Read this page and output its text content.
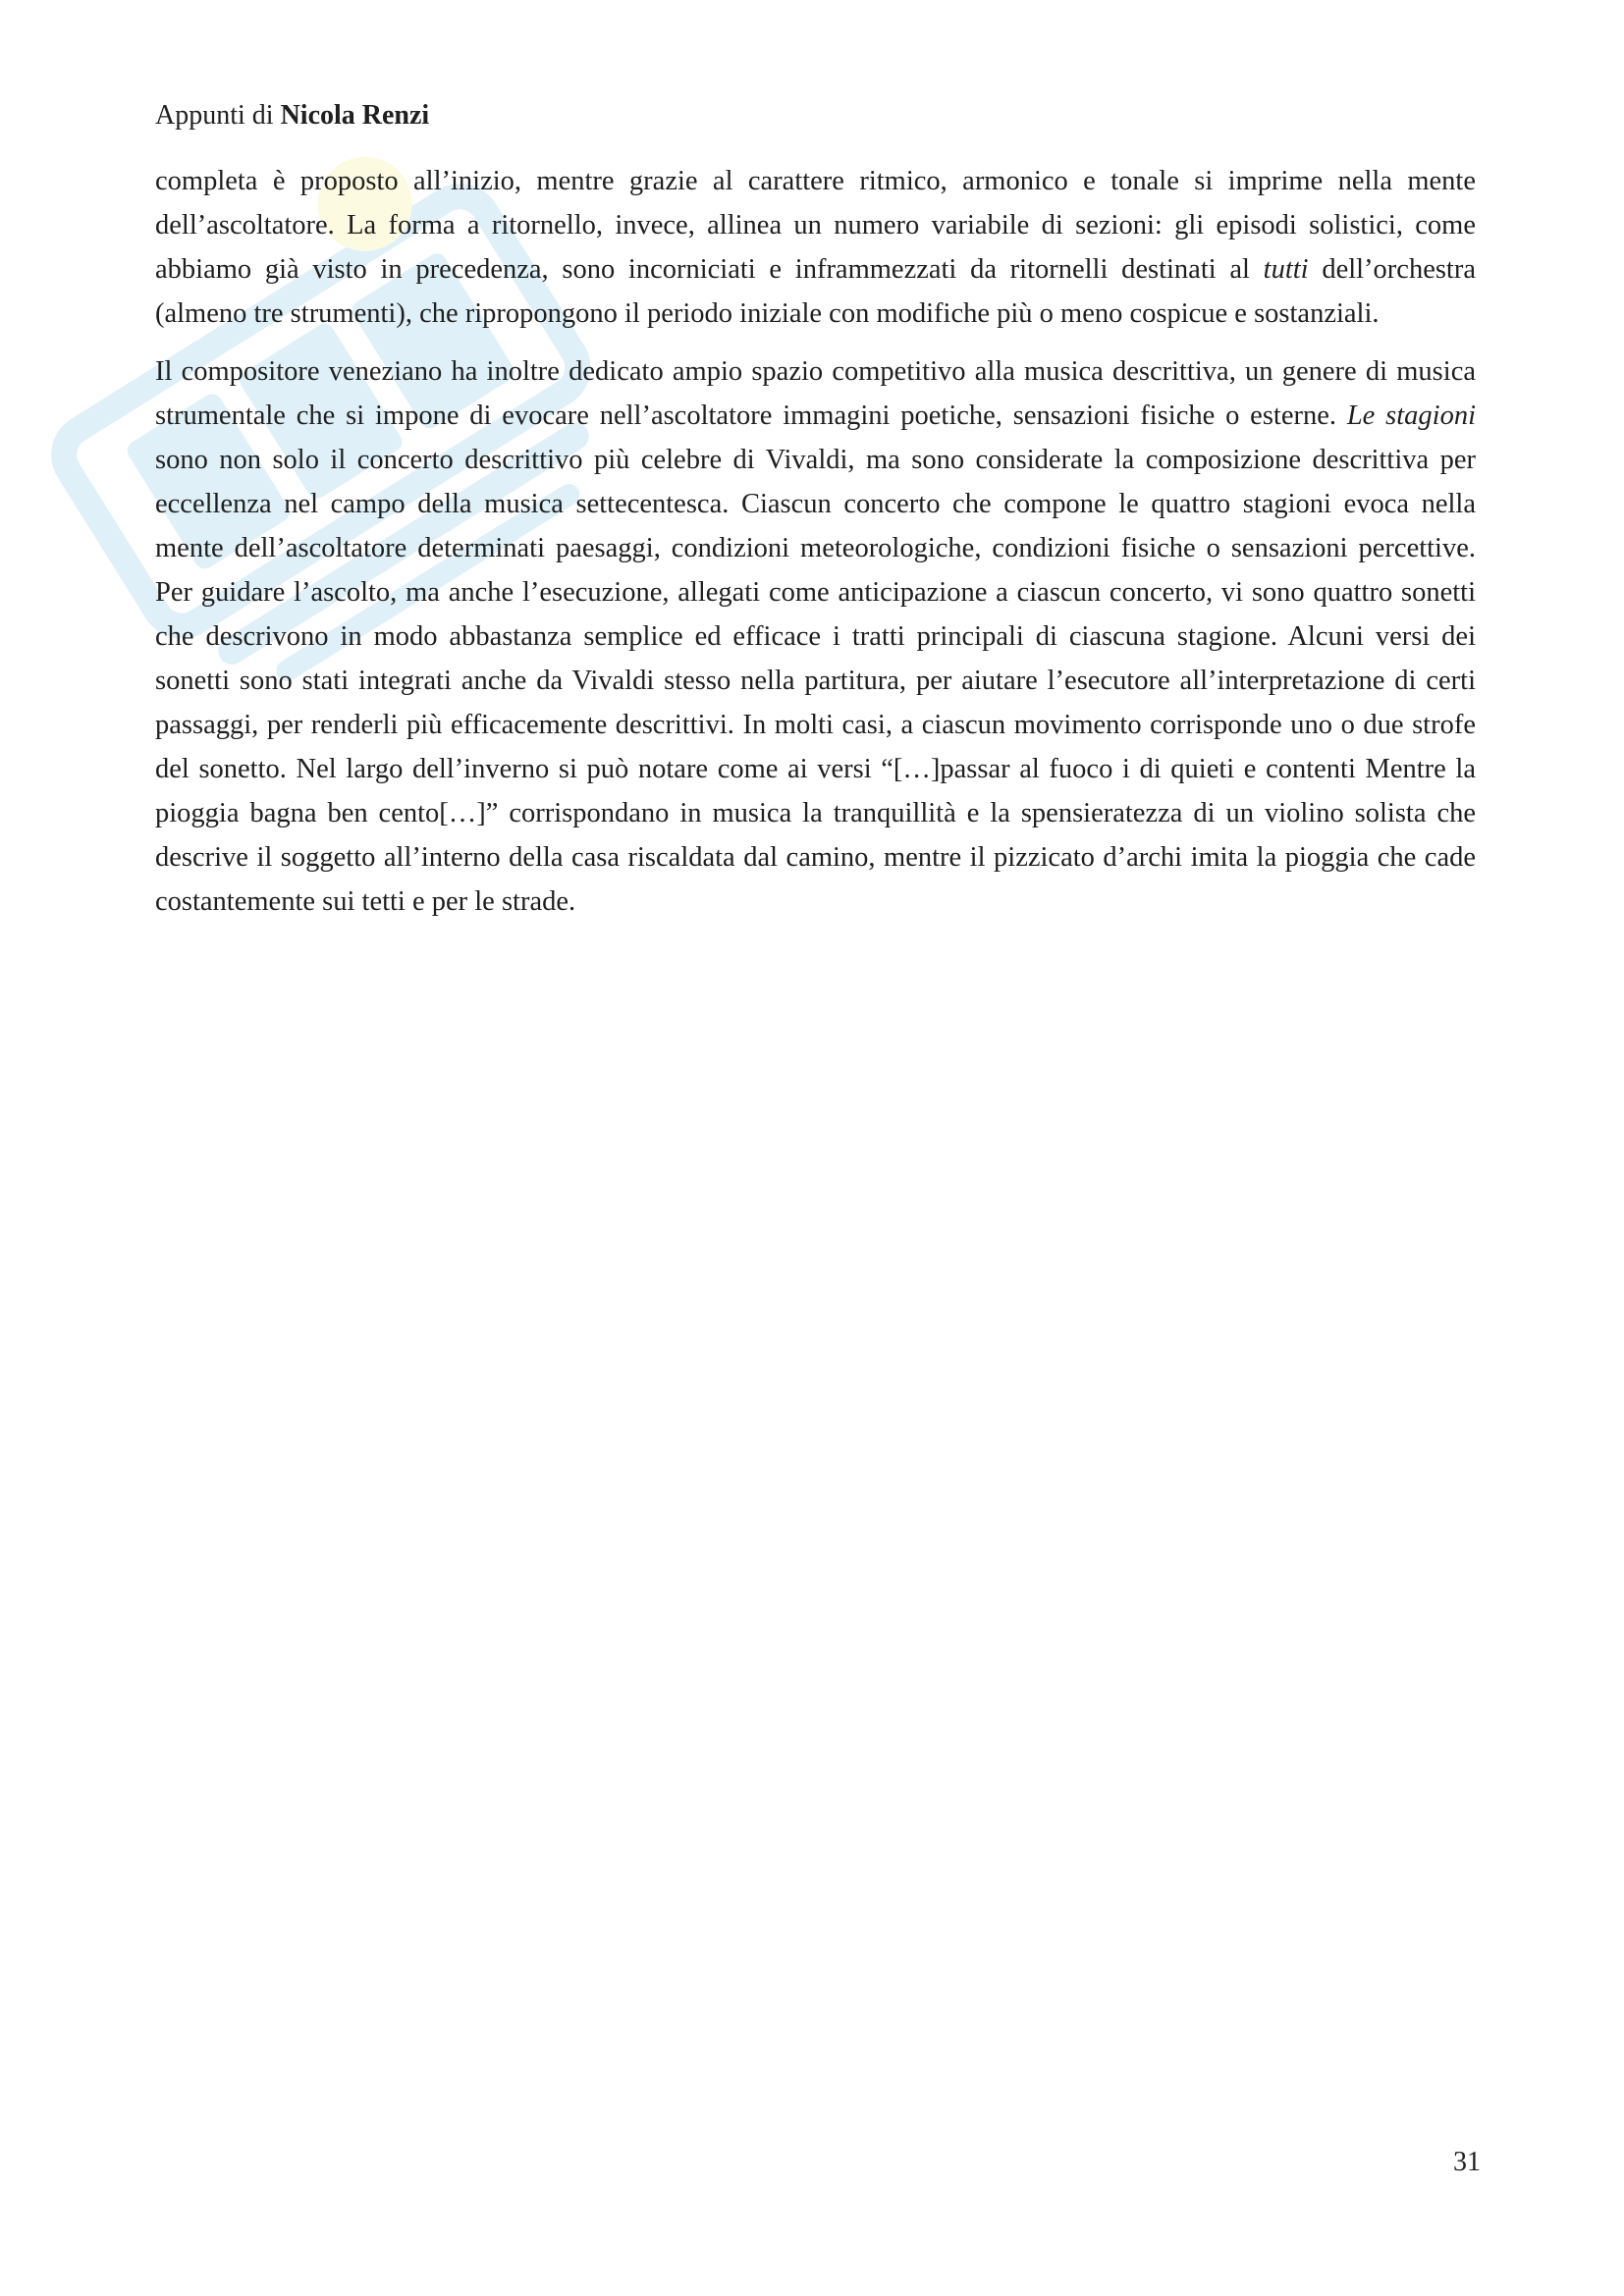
Appunti di Nicola Renzi

completa è proposto all’inizio, mentre grazie al carattere ritmico, armonico e tonale si imprime nella mente dell’ascoltatore. La forma a ritornello, invece, allinea un numero variabile di sezioni: gli episodi solistici, come abbiamo già visto in precedenza, sono incorniciati e inframmezzati da ritornelli destinati al tutti dell’orchestra (almeno tre strumenti), che ripropongono il periodo iniziale con modifiche più o meno cospicue e sostanziali.

Il compositore veneziano ha inoltre dedicato ampio spazio competitivo alla musica descrittiva, un genere di musica strumentale che si impone di evocare nell’ascoltatore immagini poetiche, sensazioni fisiche o esterne. Le stagioni sono non solo il concerto descrittivo più celebre di Vivaldi, ma sono considerate la composizione descrittiva per eccellenza nel campo della musica settecentesca. Ciascun concerto che compone le quattro stagioni evoca nella mente dell’ascoltatore determinati paesaggi, condizioni meteorologiche, condizioni fisiche o sensazioni percettive. Per guidare l’ascolto, ma anche l’esecuzione, allegati come anticipazione a ciascun concerto, vi sono quattro sonetti che descrivono in modo abbastanza semplice ed efficace i tratti principali di ciascuna stagione. Alcuni versi dei sonetti sono stati integrati anche da Vivaldi stesso nella partitura, per aiutare l’esecutore all’interpretazione di certi passaggi, per renderli più efficacemente descrittivi. In molti casi, a ciascun movimento corrisponde uno o due strofe del sonetto. Nel largo dell’inverno si può notare come ai versi “[…]passar al fuoco i di quieti e contenti Mentre la pioggia bagna ben cento[…]” corrispondano in musica la tranquillità e la spensieratezza di un violino solista che descrive il soggetto all’interno della casa riscaldata dal camino, mentre il pizzicato d’archi imita la pioggia che cade costantemente sui tetti e per le strade.

31
